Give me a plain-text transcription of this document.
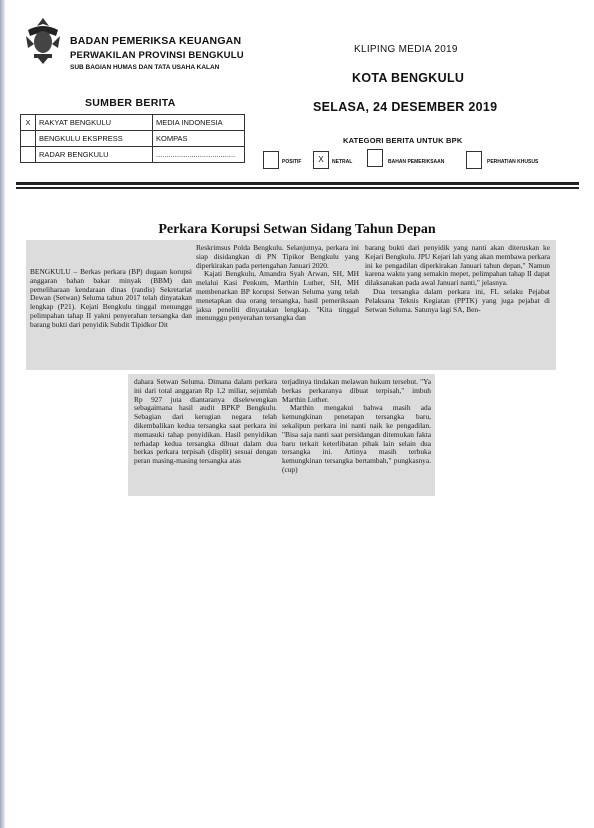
BADAN PEMERIKSA KEUANGAN
PERWAKILAN PROVINSI BENGKULU
SUB BAGIAN HUMAS DAN TATA USAHA KALAN
KLIPING MEDIA 2019
KOTA BENGKULU
SELASA, 24 DESEMBER 2019
SUMBER BERITA
X	RAKYAT BENGKULU	MEDIA INDONESIA
	BENGKULU EKSPRESS	KOMPAS
	RADAR BENGKULU	......................................
KATEGORI BERITA UNTUK BPK
POSITIF	X	NETRAL	BAHAN PEMERIKSAAN	PERHATIAN KHUSUS
Perkara Korupsi Setwan Sidang Tahun Depan

BENGKULU – Berkas perkara (BP) dugaan korupsi anggaran bahan bakar minyak (BBM) dan pemeliharaan kendaraan dinas (randis) Sekretariat Dewan (Setwan) Seluma tahun 2017 telah dinyatakan lengkap (P21). Kejati Bengkulu tinggal menunggu pelimpahan tahap II yakni penyerahan tersangka dan barang bukti dari penyidik Subdit Tipidkor Dit

Reskrimsus Polda Bengkulu. Selanjutnya, perkara ini siap disidangkan di PN Tipikor Bengkulu yang diperkirakan pada pertengahan Januari 2020.

Kajati Bengkulu, Amandra Syah Arwan, SH, MH melalui Kasi Penkum, Marthin Luther, SH, MH membenarkan BP korupsi Setwan Seluma yang telah menetapkan dua orang tersangka, hasil pemeriksaan jaksa peneliti dinyatakan lengkap. "Kita tinggal menunggu penyerahan tersangka dan

barang bukti dari penyidik yang nanti akan diteruskan ke Kejari Bengkulu. JPU Kejari lah yang akan membawa perkara ini ke pengadilan diperkirakan Januari tahun depan," Namun karena waktu yang semakin mepet, pelimpahan tahap II dapat dilaksanakan pada awal Januari nanti," jelasnya.

Dua tersangka dalam perkara ini, FL selaku Pejabat Pelaksana Teknis Kegiatan (PPTK) yang juga pejabat di Setwan Seluma. Satunya lagi SA, Ben-

dahara Setwan Seluma. Dimana dalam perkara ini dari total anggaran Rp 1,2 miliar, sejumlah Rp 927 juta diantaranya diselewengkan sebagaimana hasil audit BPKP Bengkulu. Sebagian dari kerugian negara telah dikembalikan kedua tersangka saat perkara ini memasuki tahap penyidikan. Hasil penyidikan terhadap kedua tersangka dibuat dalam dua berkas perkara terpisah (displit) sesuai dengan peran masing-masing tersangka atas

terjadinya tindakan melawan hukum tersebut. "Ya berkas perkaranya dibuat terpisah," imbuh Marthin Luther.

Marthin mengakui bahwa masih ada kemungkinan penetapan tersangka baru, sekalipun perkara ini nanti naik ke pengadilan. "Bisa saja nanti saat persidangan ditemukan fakta baru terkait keterlibatan pihak lain selain dua tersangka ini. Artinya masih terbuka kemungkinan tersangka bertambah," pungkasnya. (cup)
